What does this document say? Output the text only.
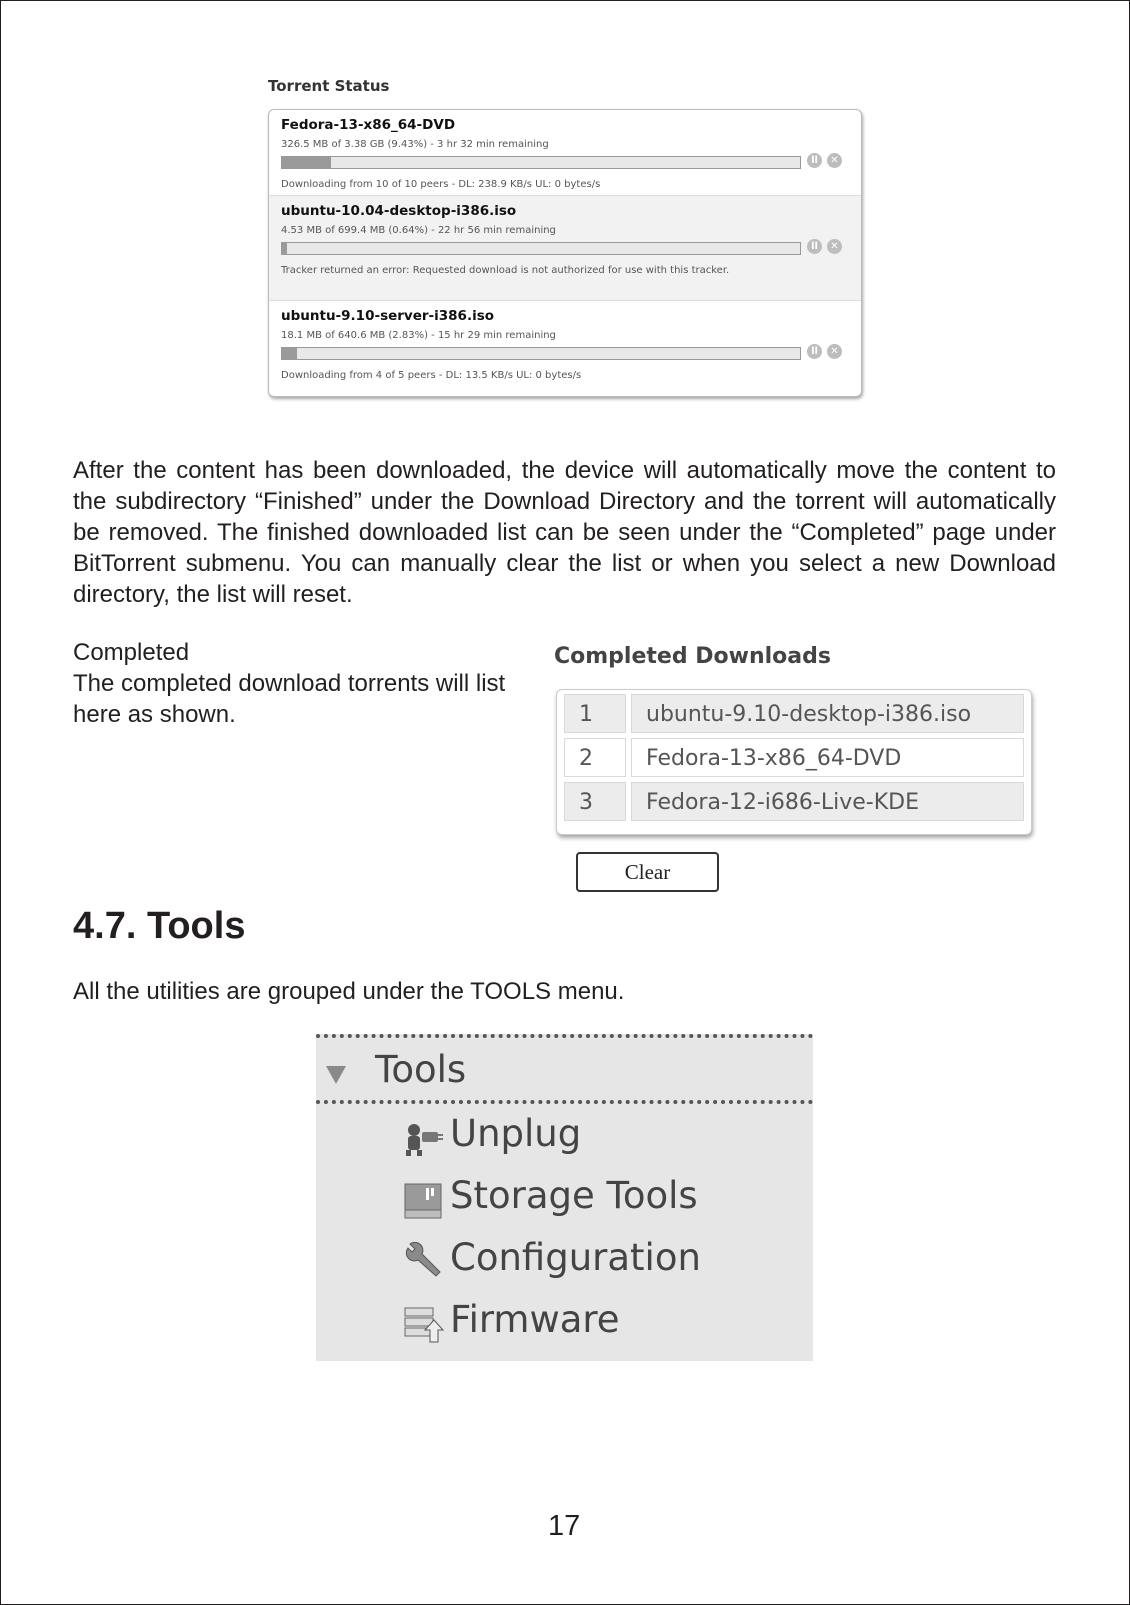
Torrent Status
Fedora-13-x86_64-DVD
326.5 MB of 3.38 GB (9.43%) - 3 hr 32 min remaining
ll	✕
Downloading from 10 of 10 peers - DL: 238.9 KB/s UL: 0 bytes/s
ubuntu-10.04-desktop-i386.iso
4.53 MB of 699.4 MB (0.64%) - 22 hr 56 min remaining
ll	✕
Tracker returned an error: Requested download is not authorized for use with this tracker.
ubuntu-9.10-server-i386.iso
18.1 MB of 640.6 MB (2.83%) - 15 hr 29 min remaining
ll	✕
Downloading from 4 of 5 peers - DL: 13.5 KB/s UL: 0 bytes/s

After the content has been downloaded, the device will automatically move the content to the subdirectory “Finished” under the Download Directory and the torrent will automatically be removed. The finished downloaded list can be seen under the “Completed” page under BitTorrent submenu. You can manually clear the list or when you select a new Download directory, the list will reset.

Completed
The completed download torrents will list here as shown.
Completed Downloads
1	ubuntu-9.10-desktop-i386.iso
2	Fedora-13-x86_64-DVD
3	Fedora-12-i686-Live-KDE
Clear
4.7. Tools
All the utilities are grouped under the TOOLS menu.
Tools
Unplug
Storage Tools
Configuration
Firmware
17
